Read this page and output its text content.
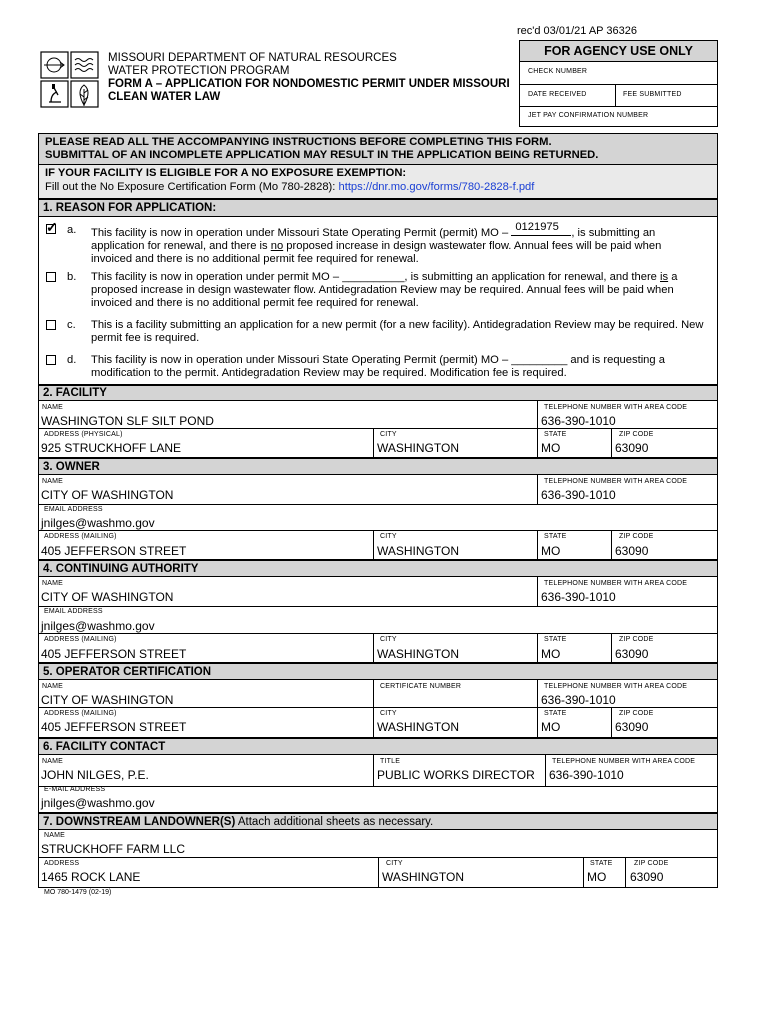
rec'd 03/01/21 AP 36326
MISSOURI DEPARTMENT OF NATURAL RESOURCES
WATER PROTECTION PROGRAM
FORM A – APPLICATION FOR NONDOMESTIC PERMIT UNDER MISSOURI
CLEAN WATER LAW
FOR AGENCY USE ONLY
CHECK NUMBER
DATE RECEIVED	FEE SUBMITTED
JET PAY CONFIRMATION NUMBER
PLEASE READ ALL THE ACCOMPANYING INSTRUCTIONS BEFORE COMPLETING THIS FORM.
SUBMITTAL OF AN INCOMPLETE APPLICATION MAY RESULT IN THE APPLICATION BEING RETURNED.
IF YOUR FACILITY IS ELIGIBLE FOR A NO EXPOSURE EXEMPTION:
Fill out the No Exposure Certification Form (Mo 780-2828): https://dnr.mo.gov/forms/780-2828-f.pdf
1. REASON FOR APPLICATION:
✓ a. This facility is now in operation under Missouri State Operating Permit (permit) MO – 0121975 , is submitting an
application for renewal, and there is no proposed increase in design wastewater flow. Annual fees will be paid when
invoiced and there is no additional permit fee required for renewal.
b. This facility is now in operation under permit MO – __________, is submitting an application for renewal, and there is a
proposed increase in design wastewater flow. Antidegradation Review may be required. Annual fees will be paid when
invoiced and there is no additional permit fee required for renewal.
c. This is a facility submitting an application for a new permit (for a new facility). Antidegradation Review may be required. New
permit fee is required.
d. This facility is now in operation under Missouri State Operating Permit (permit) MO – _________ and is requesting a
modification to the permit. Antidegradation Review may be required. Modification fee is required.
2. FACILITY
NAME
WASHINGTON SLF SILT POND
TELEPHONE NUMBER WITH AREA CODE
636-390-1010
ADDRESS (PHYSICAL)
925 STRUCKHOFF LANE
CITY
WASHINGTON
STATE
MO
ZIP CODE
63090
3. OWNER
NAME
CITY OF WASHINGTON
TELEPHONE NUMBER WITH AREA CODE
636-390-1010
EMAIL ADDRESS
jnilges@washmo.gov
ADDRESS (MAILING)
405 JEFFERSON STREET
CITY
WASHINGTON
STATE
MO
ZIP CODE
63090
4. CONTINUING AUTHORITY
NAME
CITY OF WASHINGTON
TELEPHONE NUMBER WITH AREA CODE
636-390-1010
EMAIL ADDRESS
jnilges@washmo.gov
ADDRESS (MAILING)
405 JEFFERSON STREET
CITY
WASHINGTON
STATE
MO
ZIP CODE
63090
5. OPERATOR CERTIFICATION
NAME
CITY OF WASHINGTON
CERTIFICATE NUMBER	TELEPHONE NUMBER WITH AREA CODE
636-390-1010
ADDRESS (MAILING)
405 JEFFERSON STREET
CITY
WASHINGTON
STATE
MO
ZIP CODE
63090
6. FACILITY CONTACT
NAME
JOHN NILGES, P.E.
TITLE
PUBLIC WORKS DIRECTOR
TELEPHONE NUMBER WITH AREA CODE
636-390-1010
E-MAIL ADDRESS
jnilges@washmo.gov
7. DOWNSTREAM LANDOWNER(S) Attach additional sheets as necessary.
NAME
STRUCKHOFF FARM LLC
ADDRESS
1465 ROCK LANE
CITY
WASHINGTON
STATE
MO
ZIP CODE
63090
MO 780-1479 (02-19)
